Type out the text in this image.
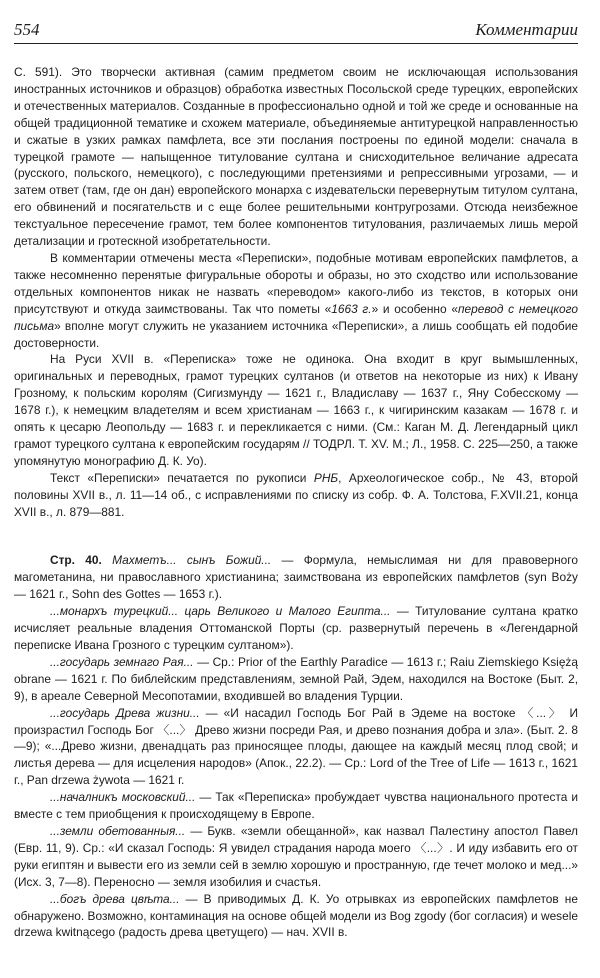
554	Комментарии

С. 591). Это творчески активная (самим предметом своим не исключающая использования иностранных источников и образцов) обработка известных Посольской среде турецких, европейских и отечественных материалов. Созданные в профессионально одной и той же среде и основанные на общей традиционной тематике и схожем материале, объединяемые антитурецкой направленностью и сжатые в узких рамках памфлета, все эти послания построены по единой модели: сначала в турецкой грамоте — напыщенное титулование султана и снисходительное величание адресата (русского, польского, немецкого), с последующими претензиями и репрессивными угрозами, — и затем ответ (там, где он дан) европейского монарха с издевательски перевернутым титулом султана, его обвинений и посягательств и с еще более решительными контругрозами. Отсюда неизбежное текстуальное пересечение грамот, тем более компонентов титулования, различаемых лишь мерой детализации и гротескной изобретательности.

В комментарии отмечены места «Переписки», подобные мотивам европейских памфлетов, а также несомненно перенятые фигуральные обороты и образы, но это сходство или использование отдельных компонентов никак не назвать «переводом» какого-либо из текстов, в которых они присутствуют и откуда заимствованы. Так что пометы «1663 г.» и особенно «перевод с немецкого письма» вполне могут служить не указанием источника «Переписки», а лишь сообщать ей подобие достоверности.

На Руси XVII в. «Переписка» тоже не одинока. Она входит в круг вымышленных, оригинальных и переводных, грамот турецких султанов (и ответов на некоторые из них) к Ивану Грозному, к польским королям (Сигизмунду — 1621 г., Владиславу — 1637 г., Яну Собесскому — 1678 г.), к немецким владетелям и всем христианам — 1663 г., к чигиринским казакам — 1678 г. и опять к цесарю Леопольду — 1683 г. и перекликается с ними. (См.: Каган М. Д. Легендарный цикл грамот турецкого султана к европейским государям // ТОДРЛ. Т. XV. М.; Л., 1958. С. 225—250, а также упомянутую монографию Д. К. Уо).

Текст «Переписки» печатается по рукописи РНБ, Археологическое собр., № 43, второй половины XVII в., л. 11—14 об., с исправлениями по списку из собр. Ф. А. Толстова, F.XVII.21, конца XVII в., л. 879—881.

Стр. 40. Махметъ... сынъ Божий... — Формула, немыслимая ни для правоверного магометанина, ни православного христианина; заимствована из европейских памфлетов (syn Boży — 1621 г., Sohn des Gottes — 1653 г.).

...монархъ турецкий... царь Великого и Малого Египта... — Титулование султана кратко исчисляет реальные владения Оттоманской Порты (ср. развернутый перечень в «Легендарной переписке Ивана Грозного с турецким султаном»).

...государь земнаго Рая... — Ср.: Prior of the Earthly Paradice — 1613 г.; Raiu Ziemskiego Księżą obrane — 1621 г. По библейским представлениям, земной Рай, Эдем, находился на Востоке (Быт. 2, 9), в ареале Северной Месопотамии, входившей во владения Турции.

...государь Древа жизни... — «И насадил Господь Бог Рай в Эдеме на востоке 〈...〉 И произрастил Господь Бог 〈...〉 Древо жизни посреди Рая, и древо познания добра и зла». (Быт. 2. 8—9); «...Древо жизни, двенадцать раз приносящее плоды, дающее на каждый месяц плод свой; и листья дерева — для исцеления народов» (Апок., 22.2). — Ср.: Lord of the Tree of Life — 1613 г., 1621 г., Pan drzewa żywota — 1621 г.

...началникъ московский... — Так «Переписка» пробуждает чувства национального протеста и вместе с тем приобщения к происходящему в Европе.

...земли обетованныя... — Букв. «земли обещанной», как назвал Палестину апостол Павел (Евр. 11, 9). Ср.: «И сказал Господь: Я увидел страдания народа моего 〈...〉. И иду избавить его от руки египтян и вывести его из земли сей в землю хорошую и пространную, где течет молоко и мед...» (Исх. 3, 7—8). Переносно — земля изобилия и счастья.

...богъ древа цвѣта... — В приводимых Д. К. Уо отрывках из европейских памфлетов не обнаружено. Возможно, контаминация на основе общей модели из Bog zgody (бог согласия) и wesele drzewa kwitnącego (радость древа цветущего) — нач. XVII в.
